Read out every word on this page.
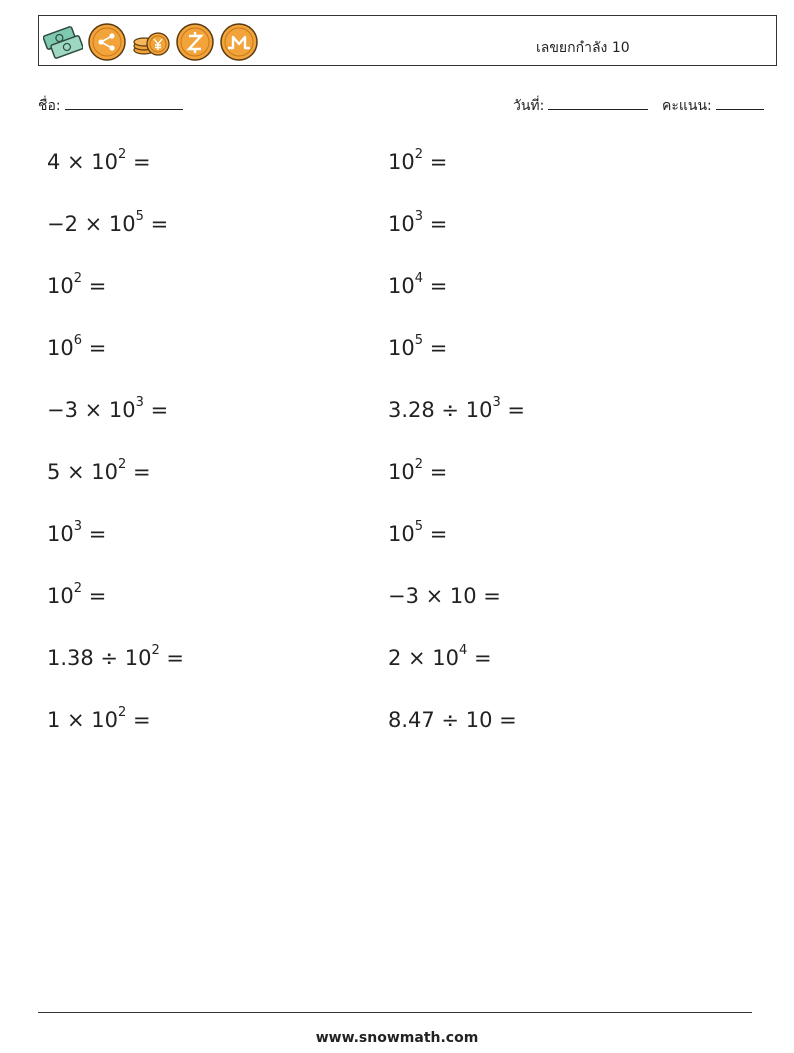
เลขยกกำลัง 10
ชื่อ:	วันที่:	คะแนน:
$4 \times 10^2$ =
$-2 \times 10^5$ =
$10^2$ =
$10^6$ =
$-3 \times 10^3$ =
$5 \times 10^2$ =
$10^3$ =
$10^2$ =
$1.38 \div 10^2$ =
$1 \times 10^2$ =
$10^2$ =
$10^3$ =
$10^4$ =
$10^5$ =
$3.28 \div 10^3$ =
$10^2$ =
$10^5$ =
−3 × 10 =
$2 \times 10^4$ =
8.47 ÷ 10 =
www.snowmath.com
